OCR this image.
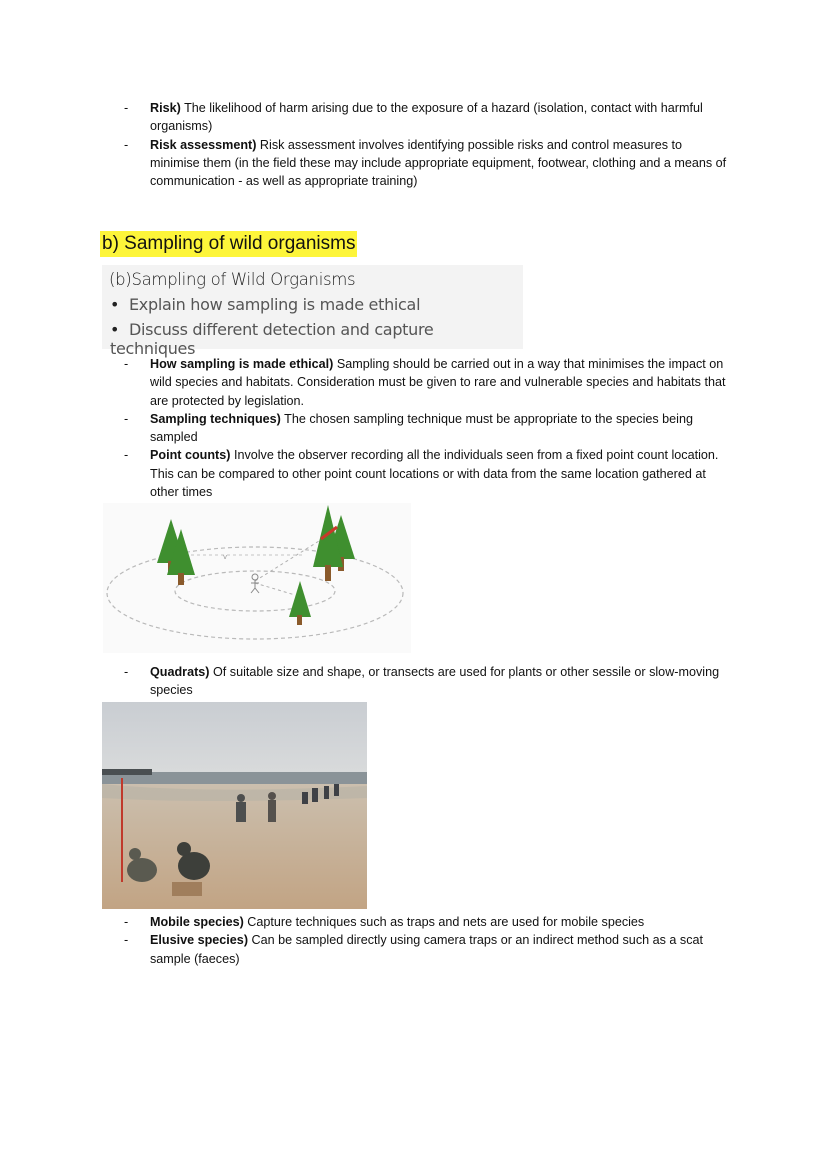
- Risk) The likelihood of harm arising due to the exposure of a hazard (isolation, contact with harmful organisms)
- Risk assessment) Risk assessment involves identifying possible risks and control measures to minimise them (in the field these may include appropriate equipment, footwear, clothing and a means of communication - as well as appropriate training)
b) Sampling of wild organisms
(b)Sampling of Wild Organisms
• Explain how sampling is made ethical
• Discuss different detection and capture techniques
- How sampling is made ethical) Sampling should be carried out in a way that minimises the impact on wild species and habitats. Consideration must be given to rare and vulnerable species and habitats that are protected by legislation.
- Sampling techniques) The chosen sampling technique must be appropriate to the species being sampled
- Point counts) Involve the observer recording all the individuals seen from a fixed point count location. This can be compared to other point count locations or with data from the same location gathered at other times
v
- Quadrats) Of suitable size and shape, or transects are used for plants or other sessile or slow-moving species
- Mobile species) Capture techniques such as traps and nets are used for mobile species
- Elusive species) Can be sampled directly using camera traps or an indirect method such as a scat sample (faeces)
